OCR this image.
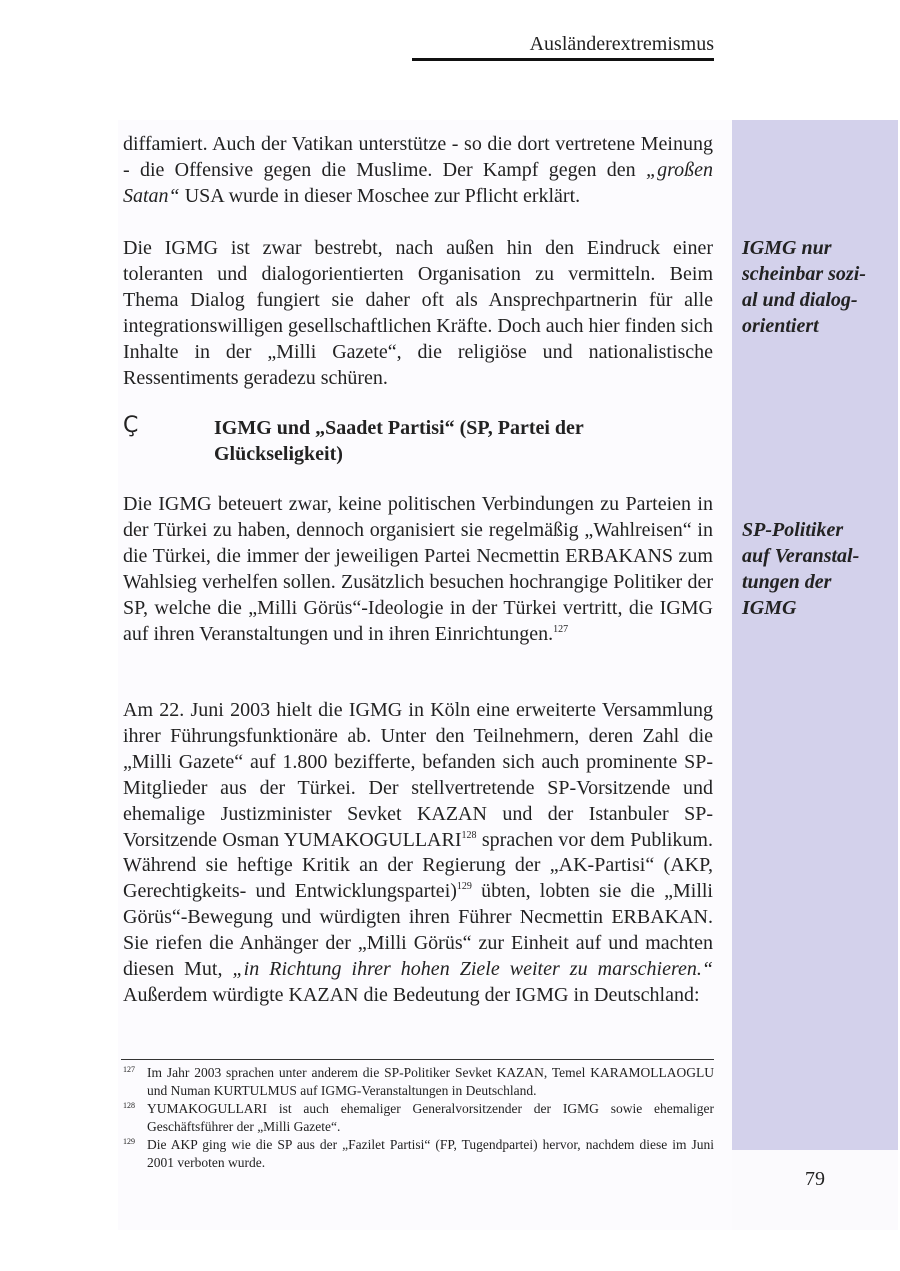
Ausländerextremismus

diffamiert. Auch der Vatikan unterstütze - so die dort vertretene Meinung - die Offensive gegen die Muslime. Der Kampf gegen den „großen Satan“ USA wurde in dieser Moschee zur Pflicht erklärt.

Die IGMG ist zwar bestrebt, nach außen hin den Eindruck einer toleranten und dialogorientierten Organisation zu vermitteln. Beim Thema Dialog fungiert sie daher oft als Ansprechpartnerin für alle integrationswilligen gesellschaftlichen Kräfte. Doch auch hier finden sich Inhalte in der „Milli Gazete“, die religiöse und nationalistische Ressentiments geradezu schüren.

Ç	IGMG und „Saadet Partisi“ (SP, Partei der Glückseligkeit)

Die IGMG beteuert zwar, keine politischen Verbindungen zu Parteien in der Türkei zu haben, dennoch organisiert sie regelmäßig „Wahlreisen“ in die Türkei, die immer der jeweiligen Partei Necmettin ERBAKANS zum Wahlsieg verhelfen sollen. Zusätzlich besuchen hochrangige Politiker der SP, welche die „Milli Görüs“-Ideologie in der Türkei vertritt, die IGMG auf ihren Veranstaltungen und in ihren Einrichtungen.$^{127}$

Am 22. Juni 2003 hielt die IGMG in Köln eine erweiterte Versammlung ihrer Führungsfunktionäre ab. Unter den Teilnehmern, deren Zahl die „Milli Gazete“ auf 1.800 bezifferte, befanden sich auch prominente SP-Mitglieder aus der Türkei. Der stellvertretende SP-Vorsitzende und ehemalige Justizminister Sevket KAZAN und der Istanbuler SP-Vorsitzende Osman YUMAKOGULLARI$^{128}$ sprachen vor dem Publikum. Während sie heftige Kritik an der Regierung der „AK-Partisi“ (AKP, Gerechtigkeits- und Entwicklungspartei)$^{129}$ übten, lobten sie die „Milli Görüs“-Bewegung und würdigten ihren Führer Necmettin ERBAKAN. Sie riefen die Anhänger der „Milli Görüs“ zur Einheit auf und machten diesen Mut, „in Richtung ihrer hohen Ziele weiter zu marschieren.“ Außerdem würdigte KAZAN die Bedeutung der IGMG in Deutschland:

IGMG nur
scheinbar sozi-
al und dialog-
orientiert
SP-Politiker
auf Veranstal-
tungen der
IGMG
127 Im Jahr 2003 sprachen unter anderem die SP-Politiker Sevket KAZAN, Temel KARAMOLLAOGLU und Numan KURTULMUS auf IGMG-Veranstaltungen in Deutschland.
128 YUMAKOGULLARI ist auch ehemaliger Generalvorsitzender der IGMG sowie ehemaliger Geschäftsführer der „Milli Gazete“.
129 Die AKP ging wie die SP aus der „Fazilet Partisi“ (FP, Tugendpartei) hervor, nachdem diese im Juni 2001 verboten wurde.
79
